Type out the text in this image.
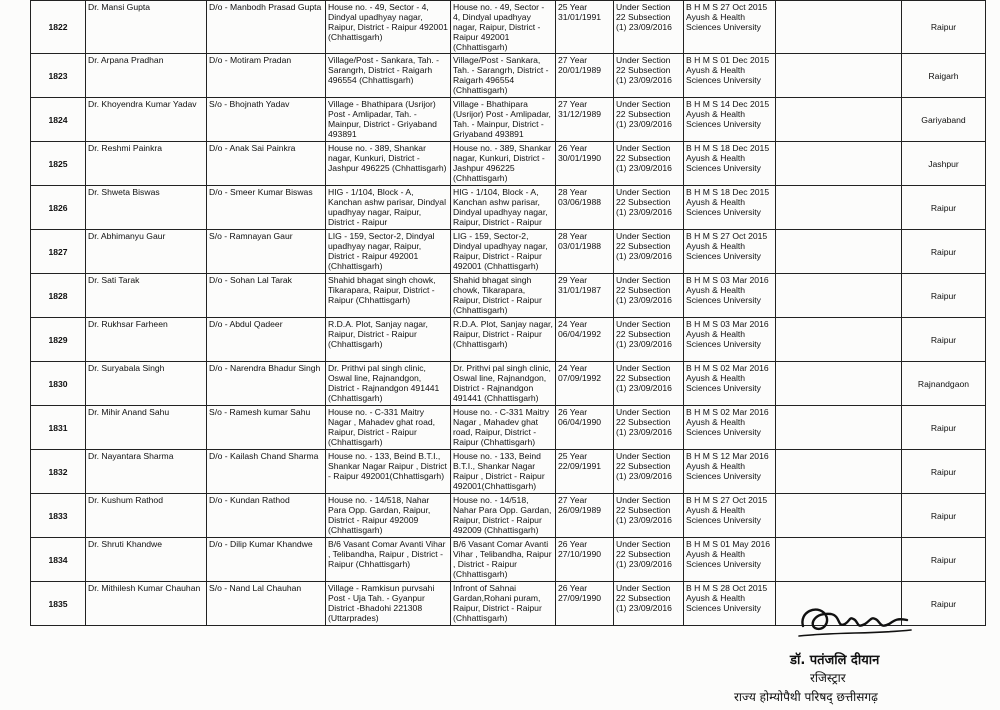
1822	Dr. Mansi Gupta	D/o - Manbodh Prasad Gupta	House no. - 49, Sector - 4, Dindyal upadhyay nagar, Raipur, District - Raipur 492001 (Chhattisgarh)	House no. - 49, Sector - 4, Dindyal upadhyay nagar, Raipur, District - Raipur 492001 (Chhattisgarh)	25 Year 31/01/1991	Under Section 22 Subsection (1) 23/09/2016	B H M S 27 Oct 2015 Ayush & Health Sciences University		Raipur
1823	Dr. Arpana Pradhan	D/o - Motiram Pradan	Village/Post - Sankara, Tah. - Sarangrh, District - Raigarh 496554 (Chhattisgarh)	Village/Post - Sankara, Tah. - Sarangrh, District - Raigarh 496554 (Chhattisgarh)	27 Year 20/01/1989	Under Section 22 Subsection (1) 23/09/2016	B H M S 01 Dec 2015 Ayush & Health Sciences University		Raigarh
1824	Dr. Khoyendra Kumar Yadav	S/o - Bhojnath Yadav	Village - Bhathipara (Usrijor) Post - Amlipadar, Tah. - Mainpur, District - Griyaband 493891	Village - Bhathipara (Usrijor) Post - Amlipadar, Tah. - Mainpur, District - Griyaband 493891	27 Year 31/12/1989	Under Section 22 Subsection (1) 23/09/2016	B H M S 14 Dec 2015 Ayush & Health Sciences University		Gariyaband
1825	Dr. Reshmi Painkra	D/o - Anak Sai Painkra	House no. - 389, Shankar nagar, Kunkuri, District - Jashpur 496225 (Chhattisgarh)	House no. - 389, Shankar nagar, Kunkuri, District - Jashpur 496225 (Chhattisgarh)	26 Year 30/01/1990	Under Section 22 Subsection (1) 23/09/2016	B H M S 18 Dec 2015 Ayush & Health Sciences University		Jashpur
1826	Dr. Shweta Biswas	D/o - Smeer Kumar Biswas	HIG - 1/104, Block - A, Kanchan ashw parisar, Dindyal upadhyay nagar, Raipur, District - Raipur	HIG - 1/104, Block - A, Kanchan ashw parisar, Dindyal upadhyay nagar, Raipur, District - Raipur	28 Year 03/06/1988	Under Section 22 Subsection (1) 23/09/2016	B H M S 18 Dec 2015 Ayush & Health Sciences University		Raipur
1827	Dr. Abhimanyu Gaur	S/o - Ramnayan Gaur	LIG - 159, Sector-2, Dindyal upadhyay nagar, Raipur, District - Raipur 492001 (Chhattisgarh)	LIG - 159, Sector-2, Dindyal upadhyay nagar, Raipur, District - Raipur 492001 (Chhattisgarh)	28 Year 03/01/1988	Under Section 22 Subsection (1) 23/09/2016	B H M S 27 Oct 2015 Ayush & Health Sciences University		Raipur
1828	Dr. Sati Tarak	D/o - Sohan Lal Tarak	Shahid bhagat singh chowk, Tikarapara, Raipur, District - Raipur (Chhattisgarh)	Shahid bhagat singh chowk, Tikarapara, Raipur, District - Raipur (Chhattisgarh)	29 Year 31/01/1987	Under Section 22 Subsection (1) 23/09/2016	B H M S 03 Mar 2016 Ayush & Health Sciences University		Raipur
1829	Dr. Rukhsar Farheen	D/o - Abdul Qadeer	R.D.A. Plot, Sanjay nagar, Raipur, District - Raipur (Chhattisgarh)	R.D.A. Plot, Sanjay nagar, Raipur, District - Raipur (Chhattisgarh)	24 Year 06/04/1992	Under Section 22 Subsection (1) 23/09/2016	B H M S 03 Mar 2016 Ayush & Health Sciences University		Raipur
1830	Dr. Suryabala Singh	D/o - Narendra Bhadur Singh	Dr. Prithvi pal singh clinic, Oswal line, Rajnandgon, District - Rajnandgon 491441 (Chhattisgarh)	Dr. Prithvi pal singh clinic, Oswal line, Rajnandgon, District - Rajnandgon 491441 (Chhattisgarh)	24 Year 07/09/1992	Under Section 22 Subsection (1) 23/09/2016	B H M S 02 Mar 2016 Ayush & Health Sciences University		Rajnandgaon
1831	Dr. Mihir Anand Sahu	S/o - Ramesh kumar Sahu	House no. - C-331 Maitry Nagar , Mahadev ghat road, Raipur, District - Raipur (Chhattisgarh)	House no. - C-331 Maitry Nagar , Mahadev ghat road, Raipur, District - Raipur (Chhattisgarh)	26 Year 06/04/1990	Under Section 22 Subsection (1) 23/09/2016	B H M S 02 Mar 2016 Ayush & Health Sciences University		Raipur
1832	Dr. Nayantara Sharma	D/o - Kailash Chand Sharma	House no. - 133, Beind B.T.I., Shankar Nagar Raipur , District - Raipur 492001(Chhattisgarh)	House no. - 133, Beind B.T.I., Shankar Nagar Raipur , District - Raipur 492001(Chhattisgarh)	25 Year 22/09/1991	Under Section 22 Subsection (1) 23/09/2016	B H M S 12 Mar 2016 Ayush & Health Sciences University		Raipur
1833	Dr. Kushum Rathod	D/o - Kundan Rathod	House no. - 14/518, Nahar Para Opp. Gardan, Raipur, District - Raipur 492009 (Chhattisgarh)	House no. - 14/518, Nahar Para Opp. Gardan, Raipur, District - Raipur 492009 (Chhattisgarh)	27 Year 26/09/1989	Under Section 22 Subsection (1) 23/09/2016	B H M S 27 Oct 2015 Ayush & Health Sciences University		Raipur
1834	Dr. Shruti Khandwe	D/o - Dilip Kumar Khandwe	B/6 Vasant Comar Avanti Vihar , Telibandha, Raipur , District - Raipur (Chhattisgarh)	B/6 Vasant Comar Avanti Vihar , Telibandha, Raipur , District - Raipur (Chhattisgarh)	26 Year 27/10/1990	Under Section 22 Subsection (1) 23/09/2016	B H M S 01 May 2016 Ayush & Health Sciences University		Raipur
1835	Dr. Mithilesh Kumar Chauhan	S/o - Nand Lal Chauhan	Village - Ramkisun purvsahi Post - Uja Tah. - Gyanpur District -Bhadohi 221308 (Uttarprades)	Infront of Sahnai Gardan,Rohani puram, Raipur, District - Raipur (Chhattisgarh)	26 Year 27/09/1990	Under Section 22 Subsection (1) 23/09/2016	B H M S 28 Oct 2015 Ayush & Health Sciences University		Raipur
डॉ. पतंजलि दीयान
रजिस्ट्रार
राज्य होम्योपैथी परिषद् छत्तीसगढ़
